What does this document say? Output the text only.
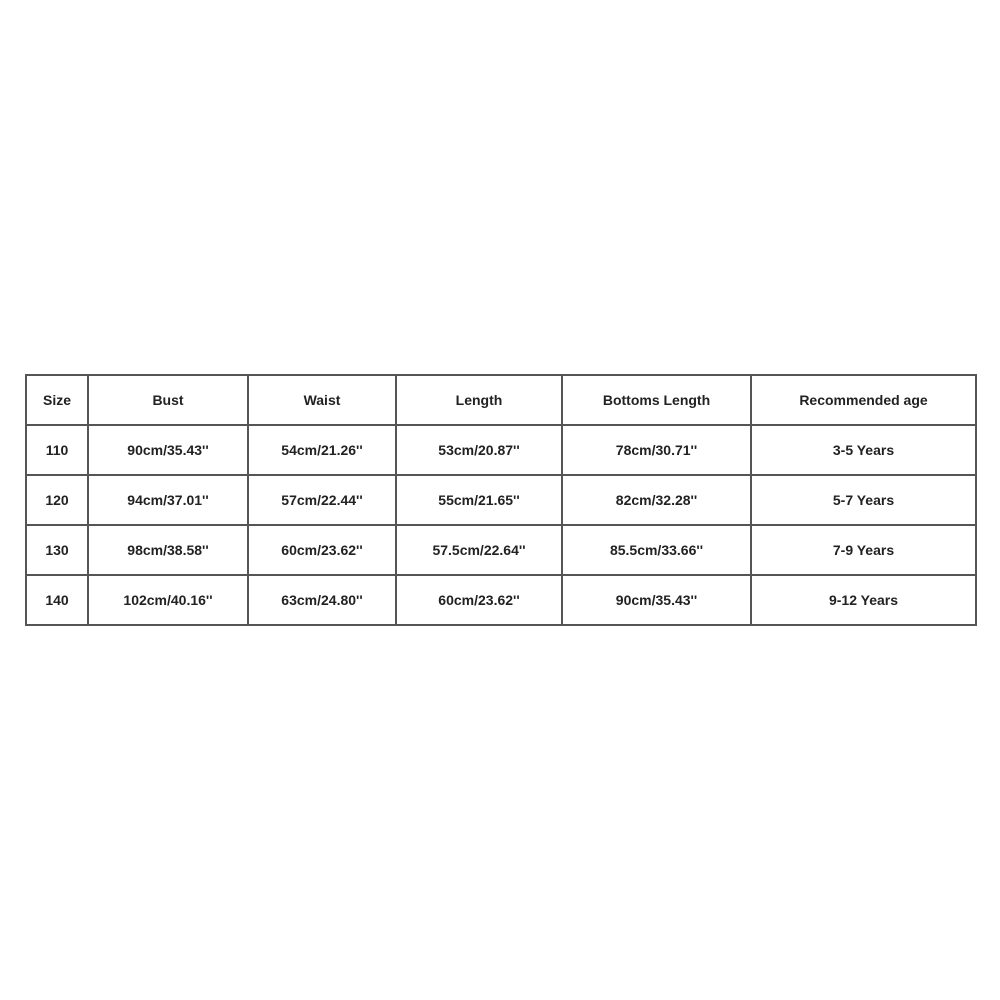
Size	Bust	Waist	Length	Bottoms Length	Recommended age
110	90cm/35.43''	54cm/21.26''	53cm/20.87''	78cm/30.71''	3-5 Years
120	94cm/37.01''	57cm/22.44''	55cm/21.65''	82cm/32.28''	5-7 Years
130	98cm/38.58''	60cm/23.62''	57.5cm/22.64''	85.5cm/33.66''	7-9 Years
140	102cm/40.16''	63cm/24.80''	60cm/23.62''	90cm/35.43''	9-12 Years
